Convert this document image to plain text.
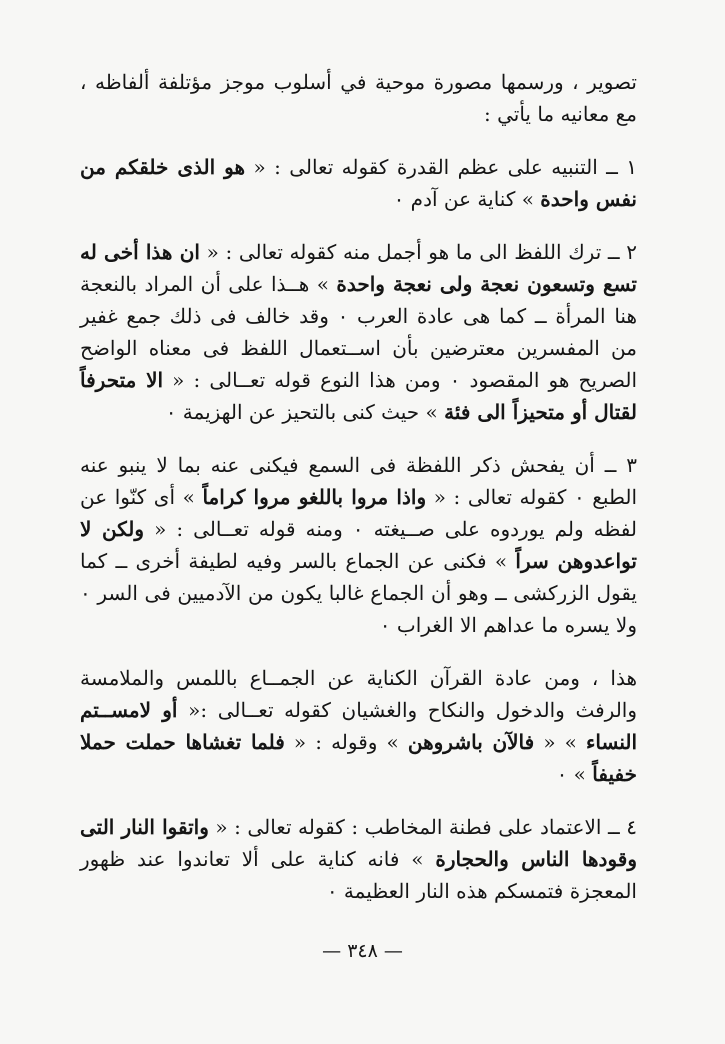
تصوير ، ورسمها مصورة موحية في أسلوب موجز مؤتلفة ألفاظه ، مع معانيه ما يأتي :

١ ــ التنبيه على عظم القدرة كقوله تعالى : « هو الذى خلقكم من نفس واحدة » كناية عن آدم ٠

٢ ــ ترك اللفظ الى ما هو أجمل منه كقوله تعالى : « ان هذا أخى له تسع وتسعون نعجة ولى نعجة واحدة » هــذا على أن المراد بالنعجة هنا المرأة ــ كما هى عادة العرب ٠ وقد خالف فى ذلك جمع غفير من المفسرين معترضين بأن اســتعمال اللفظ فى معناه الواضح الصريح هو المقصود ٠ ومن هذا النوع قوله تعــالى : « الا متحرفاً لقتال أو متحيزاً الى فئة » حيث كنى بالتحيز عن الهزيمة ٠

٣ ــ أن يفحش ذكر اللفظة فى السمع فيكنى عنه بما لا ينبو عنه الطبع ٠ كقوله تعالى : « واذا مروا باللغو مروا كراماً » أى كنّوا عن لفظه ولم يوردوه على صــيغته ٠ ومنه قوله تعــالى : « ولكن لا تواعدوهن سراً » فكنى عن الجماع بالسر وفيه لطيفة أخرى ــ كما يقول الزركشى ــ وهو أن الجماع غالبا يكون من الآدميين فى السر ٠ ولا يسره ما عداهم الا الغراب ٠

هذا ، ومن عادة القرآن الكناية عن الجمــاع باللمس والملامسة والرفث والدخول والنكاح والغشيان كقوله تعــالى :« أو لامســتم النساء » « فالآن باشروهن » وقوله : « فلما تغشاها حملت حملا خفيفاً » ٠

٤ ــ الاعتماد على فطنة المخاطب : كقوله تعالى : « واتقوا النار التى وقودها الناس والحجارة » فانه كناية على ألا تعاندوا عند ظهور المعجزة فتمسكم هذه النار العظيمة ٠

— ٣٤٨ —
